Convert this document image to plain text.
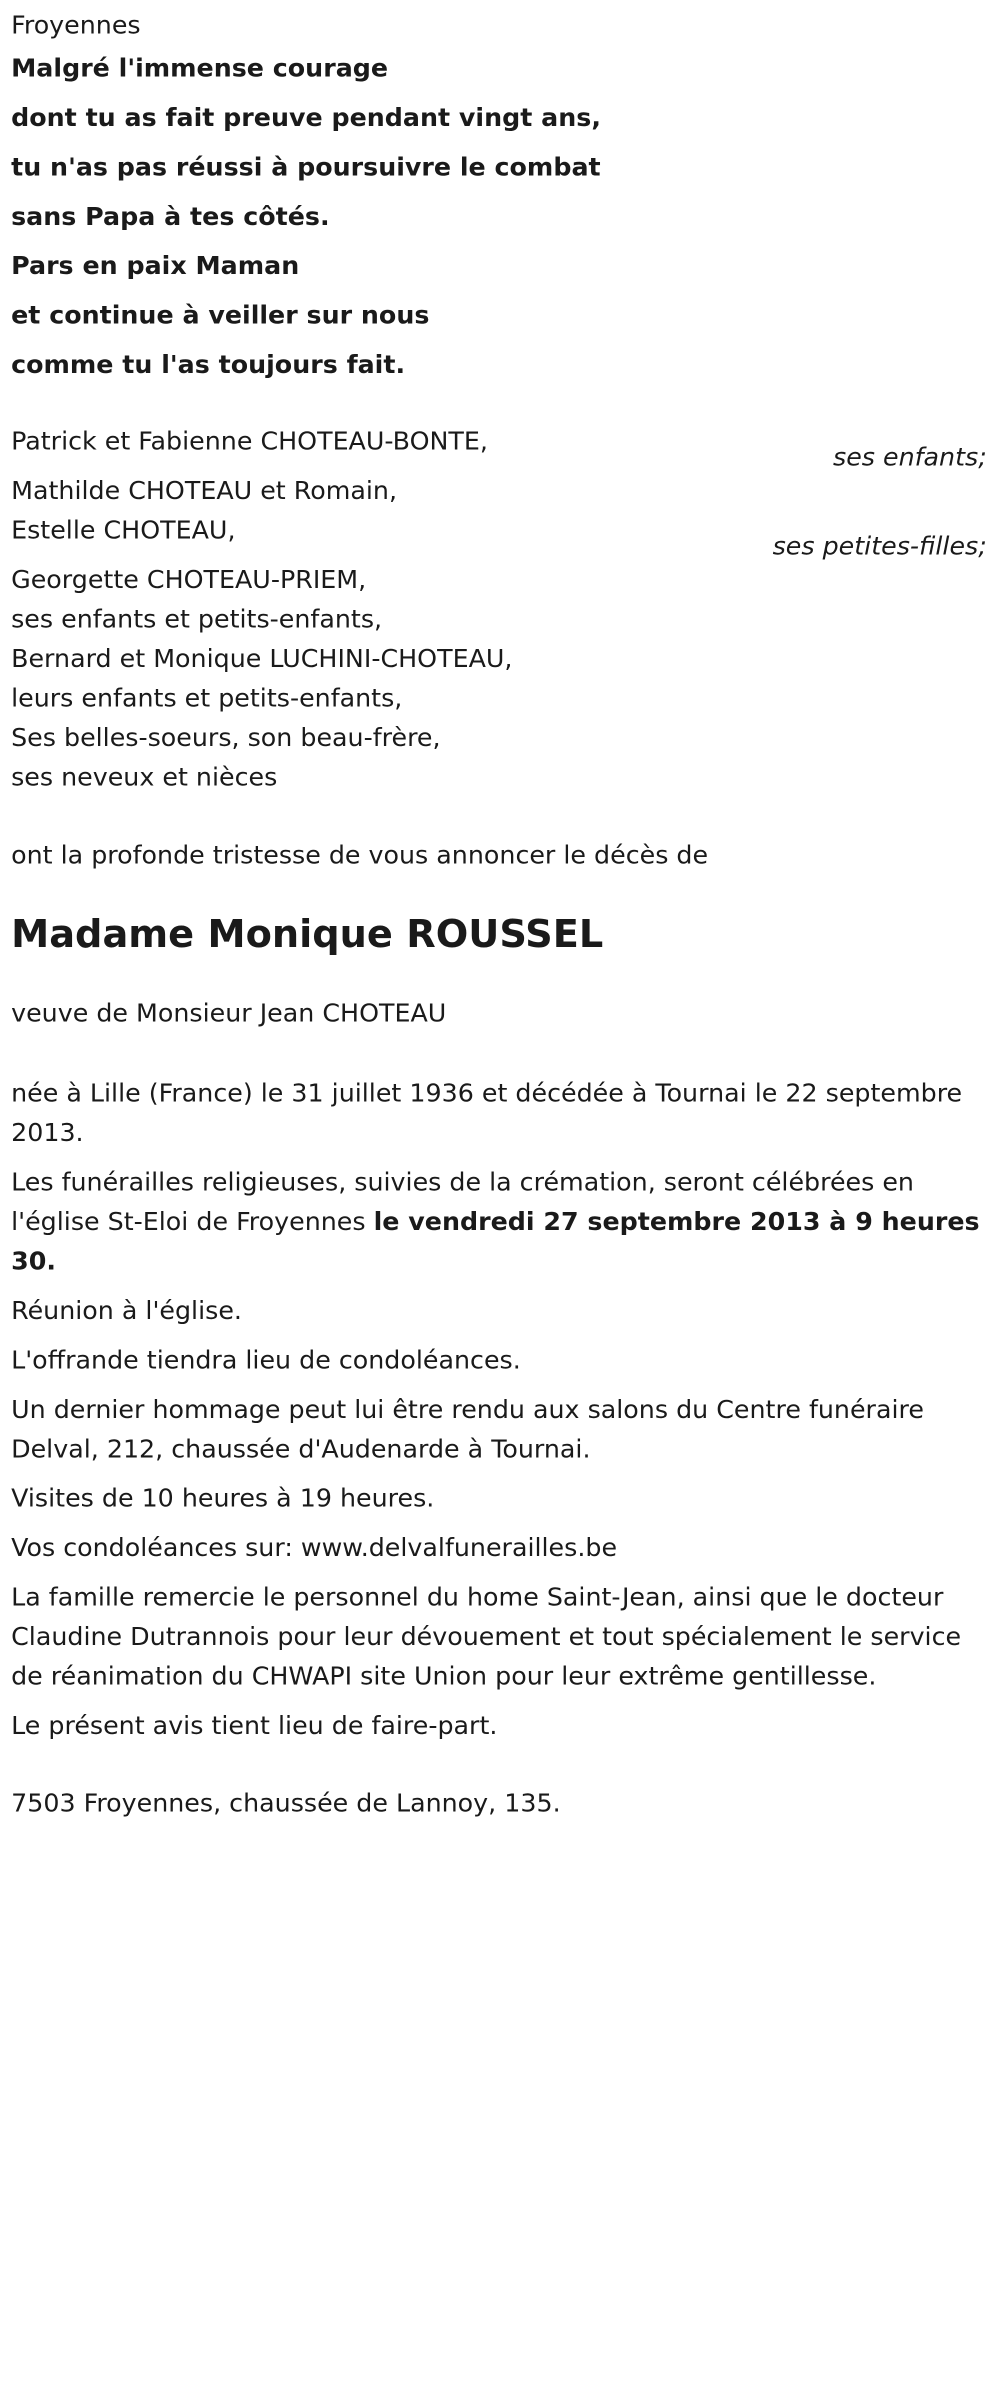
Froyennes
Malgré l'immense courage
dont tu as fait preuve pendant vingt ans,
tu n'as pas réussi à poursuivre le combat
sans Papa à tes côtés.
Pars en paix Maman
et continue à veiller sur nous
comme tu l'as toujours fait.
Patrick et Fabienne CHOTEAU-BONTE,
ses enfants;
Mathilde CHOTEAU et Romain,
Estelle CHOTEAU,
ses petites-filles;
Georgette CHOTEAU-PRIEM,
ses enfants et petits-enfants,
Bernard et Monique LUCHINI-CHOTEAU,
leurs enfants et petits-enfants,
Ses belles-soeurs, son beau-frère,
ses neveux et nièces
ont la profonde tristesse de vous annoncer le décès de
Madame Monique ROUSSEL
veuve de Monsieur Jean CHOTEAU
née à Lille (France) le 31 juillet 1936 et décédée à Tournai le 22 septembre 2013.
Les funérailles religieuses, suivies de la crémation, seront célébrées en l'église St-Eloi de Froyennes le vendredi 27 septembre 2013 à 9 heures 30.
Réunion à l'église.
L'offrande tiendra lieu de condoléances.
Un dernier hommage peut lui être rendu aux salons du Centre funéraire Delval, 212, chaussée d'Audenarde à Tournai.
Visites de 10 heures à 19 heures.
Vos condoléances sur: www.delvalfunerailles.be
La famille remercie le personnel du home Saint-Jean, ainsi que le docteur Claudine Dutrannois pour leur dévouement et tout spécialement le service de réanimation du CHWAPI site Union pour leur extrême gentillesse.
Le présent avis tient lieu de faire-part.
7503 Froyennes, chaussée de Lannoy, 135.
